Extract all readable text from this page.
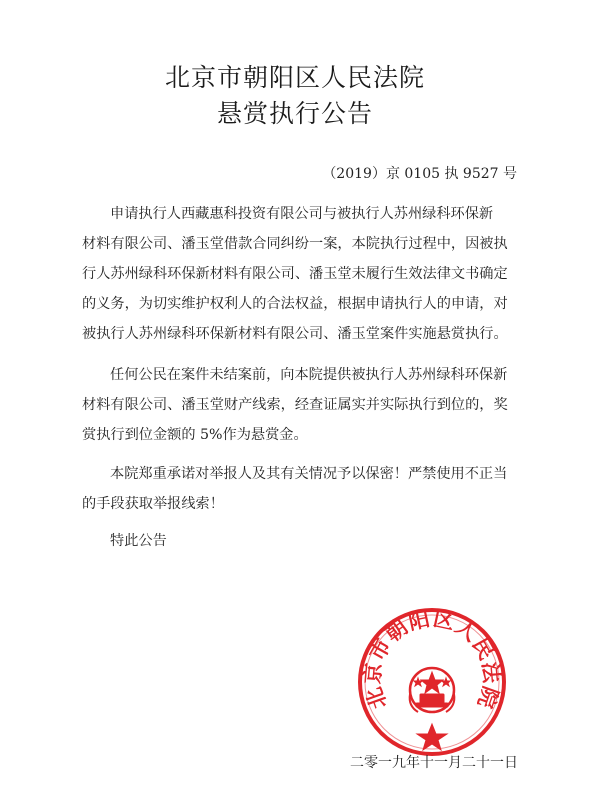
北京市朝阳区人民法院
悬赏执行公告
（2019）京 0105 执 9527 号
申请执行人西藏惠科投资有限公司与被执行人苏州绿科环保新
材料有限公司、潘玉堂借款合同纠纷一案，本院执行过程中，因被执
行人苏州绿科环保新材料有限公司、潘玉堂未履行生效法律文书确定
的义务，为切实维护权利人的合法权益，根据申请执行人的申请，对
被执行人苏州绿科环保新材料有限公司、潘玉堂案件实施悬赏执行。
任何公民在案件未结案前，向本院提供被执行人苏州绿科环保新
材料有限公司、潘玉堂财产线索，经查证属实并实际执行到位的，奖
赏执行到位金额的 5%作为悬赏金。
本院郑重承诺对举报人及其有关情况予以保密！严禁使用不正当
的手段获取举报线索！
特此公告
北京市朝阳区人民法院
二零一九年十一月二十一日
